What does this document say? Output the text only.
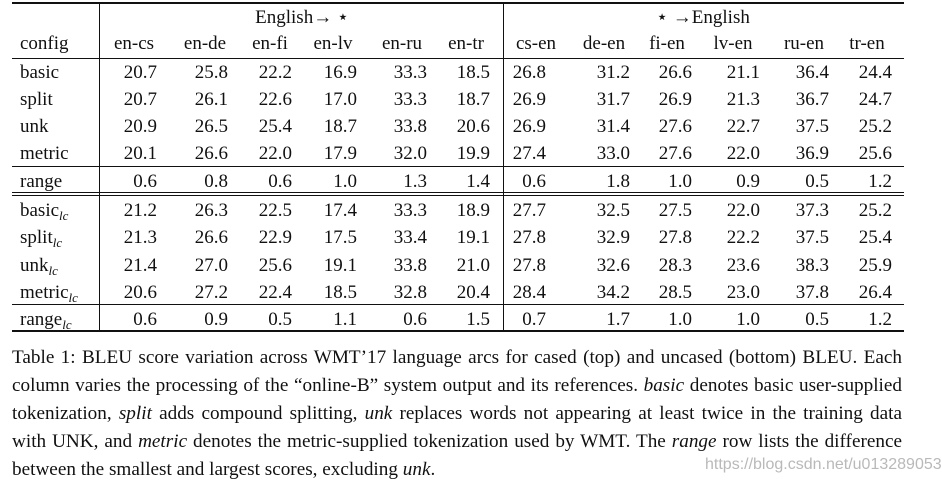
English→ ⋆	⋆ →English
config	en-cs	en-de	en-fi	en-lv	en-ru	en-tr	cs-en	de-en	fi-en	lv-en	ru-en	tr-en
basic	20.7	25.8	22.2	16.9	33.3	18.5	26.8	31.2	26.6	21.1	36.4	24.4
split	20.7	26.1	22.6	17.0	33.3	18.7	26.9	31.7	26.9	21.3	36.7	24.7
unk	20.9	26.5	25.4	18.7	33.8	20.6	26.9	31.4	27.6	22.7	37.5	25.2
metric	20.1	26.6	22.0	17.9	32.0	19.9	27.4	33.0	27.6	22.0	36.9	25.6
range	0.6	0.8	0.6	1.0	1.3	1.4	0.6	1.8	1.0	0.9	0.5	1.2
basic$_{lc}$	21.2	26.3	22.5	17.4	33.3	18.9	27.7	32.5	27.5	22.0	37.3	25.2
split$_{lc}$	21.3	26.6	22.9	17.5	33.4	19.1	27.8	32.9	27.8	22.2	37.5	25.4
unk$_{lc}$	21.4	27.0	25.6	19.1	33.8	21.0	27.8	32.6	28.3	23.6	38.3	25.9
metric$_{lc}$	20.6	27.2	22.4	18.5	32.8	20.4	28.4	34.2	28.5	23.0	37.8	26.4
range$_{lc}$	0.6	0.9	0.5	1.1	0.6	1.5	0.7	1.7	1.0	1.0	0.5	1.2

Table 1: BLEU score variation across WMT’17 language arcs for cased (top) and uncased (bottom) BLEU. Each column varies the processing of the “online-B” system output and its references. basic denotes basic user-supplied tokenization, split adds compound splitting, unk replaces words not appearing at least twice in the training data with UNK, and metric denotes the metric-supplied tokenization used by WMT. The range row lists the difference between the smallest and largest scores, excluding unk.	https://blog.csdn.net/u013289053
